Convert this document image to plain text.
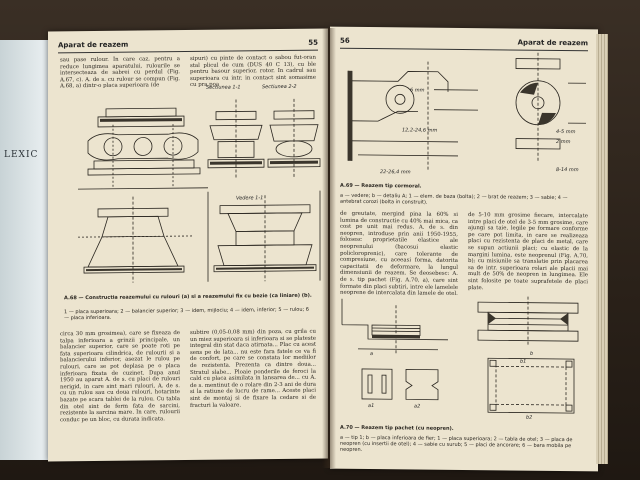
LEXIC
Aparat de reazem	55
sau pase rulour. In care caz, pentru a reduce lungimea aparatului, rulourile se intersecteaza de sabrei cu perdul (Fig. A.67, c). A. de s. cu rulour se compun (Fig. A.68, a) dintr-o placa superioara (de
sipuri) cu pinte de contact o sabou fut-oran stal plicul de cum (DUS 40 C 13), cu ble pentru basour superior, rotor. In cadrul sau superioara cu intr. in contact sint somasime cu pra poa
Sectiunea 1-1	Sectiunea 2-2
Vedere 1-1
A.68 — Constructia reazemului cu rulouri (a) si a reazemului fix cu bezie (ca liniare) (b).
1 — placa superioara; 2 — balancier superior; 3 — idem, mijlociu; 4 — idem, inferior; 5 — rulou; 6 — placa inferioara.
circa 30 mm grosimea), care se fixeaza de talpa inferioara a grinzii principale, un balancier superior, care se poate roti pe fata superioara cilindrica, de rulourii si a balancierului inferior, asezat le rulou pe rulouri, care se pot deplasa pe o placa inferioara fixata de cuzinet. Dupa anul 1950 au aparut A. de s. cu placi de rulouri nerigid, in care sint mari rulouri, A. de s. cu un rulou sau cu doua rulouri, hotarinte bazate pe scara tablei de la rulou. Cu tabla din otel sint de ferm fata de sarcini, rezistente la sarcina mare. In care, rulourii conduc pe un bloc, cu durata indicata.
subtire (0,05-0,08 mm) din poza, cu grila cu un miez superioara si inferioara si se plateste integral din stat daca atirnata... Plac cu acest sens pe de lata... nu este fara fatele ce va fi de confort, pe care se constata lor mediilor de rezistenta. Prezenta ca dintre doua... Stratul slabe... Ploaie ponderile de feroci la cald cu placa asimilata in lansarea de... cu A. de s. mentinut de o rolare din 2-3 ani de dura si la ratiune de lucru de rame... Aceste placi sint de montaj si de fixare la cedare si de fracturi la valoare.
56	Aparat de reazem
6 mm
12,2-24,6 mm
22-26,4 mm
4-5 mm
2 mm
8-14 mm
A.69 — Reazem tip cormoral.
a — vedere; b — detaliu A; 1 — elem. de baza (bolta); 2 — brat de reazem; 3 — sabie; 4 — antebrat corozi (bolta in construit).
de greutate, mergind pina la 60% si lumina de constructie cu 40% mai mica, ca cost pe unit mai redus. A. de s. din neopren, introduse prin anii 1950-1955, folosesc proprietatile elastice ale neoprenului (bacosui elastic policloroprenic), care tolerante de compresiune, cu aceeasi forma, datorita capacitatii de deformare, la lungul dimensiunii de reazem. Se deosebesc: A. de s. tip pachet (Fig. A.70, a), care sint formate din placi subtiri, intre ele lamelele neoprene de intercalata din lamele de otel.
de 5-10 mm grosime fiecare, intercalate intre placi de otel de 3-5 mm grosime, care ajungi sa taie, legile pe formare conforme pe care pot limita, in care se realizeaza placi cu rezistenta de placi de metal, care se supun actiunii placi; cu elastic de la margini lumina, este neoprenul (Fig. A.70, b); cu misiunile sa translatie prin placarea sa de intr. superioara rolari ale placii mai mult de 50% de neopren in lungimea. Ele sint folosite pe toate suprafetele de placi plate.
a	b
a1	a2
b1
b2
A.70 — Reazem tip pachet (cu neopren).
a — tip 1; b — placa inferioara de fier; 1 — placa superioara; 2 — tabla de otel; 3 — placa de neopren (cu insertii de otel); 4 — sabie cu surub; 5 — placi de ancorare; 6 — bara mobila pe neopren.
